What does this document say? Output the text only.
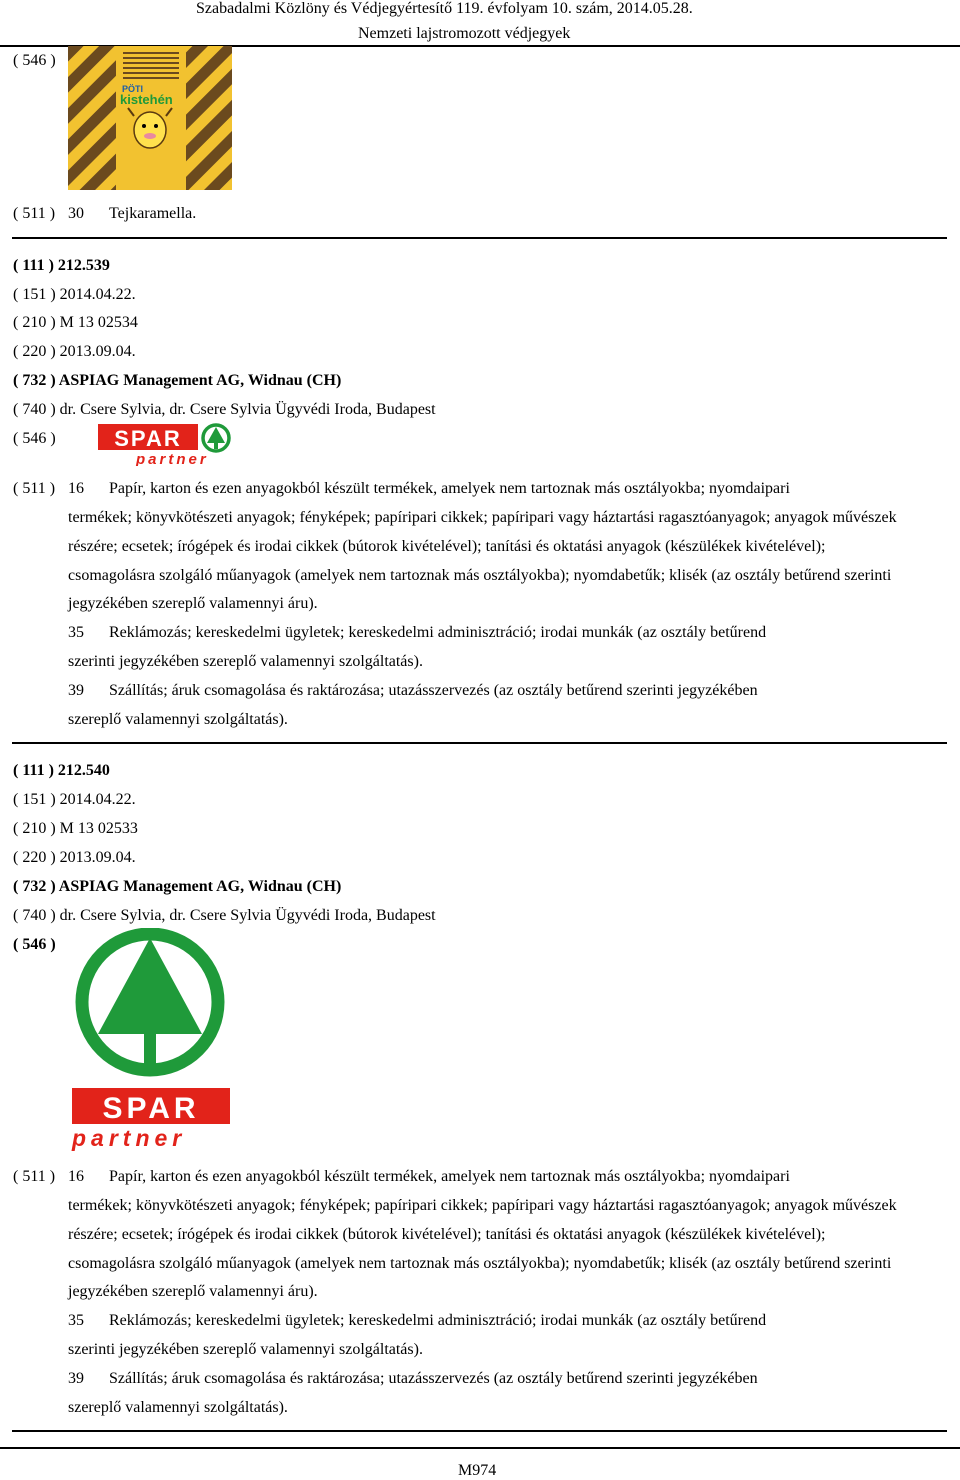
Szabadalmi Közlöny és Védjegyértesítő 119. évfolyam 10. szám, 2014.05.28.
Nemzeti lajstromozott védjegyek
( 546 )
PÖTI
kistehén
( 511 ) 30 Tejkaramella.
( 111 ) 212.539
( 151 ) 2014.04.22.
( 210 ) M 13 02534
( 220 ) 2013.09.04.
( 732 ) ASPIAG Management AG, Widnau (CH)
( 740 ) dr. Csere Sylvia, dr. Csere Sylvia Ügyvédi Iroda, Budapest
( 546 )	SPAR
partner
( 511 ) 16 Papír, karton és ezen anyagokból készült termékek, amelyek nem tartoznak más osztályokba; nyomdaipari
termékek; könyvkötészeti anyagok; fényképek; papíripari cikkek; papíripari vagy háztartási ragasztóanyagok; anyagok művészek részére; ecsetek; írógépek és irodai cikkek (bútorok kivételével); tanítási és oktatási anyagok (készülékek kivételével); csomagolásra szolgáló műanyagok (amelyek nem tartoznak más osztályokba); nyomdabetűk; klisék (az osztály betűrend szerinti jegyzékében szereplő valamennyi áru).
35 Reklámozás; kereskedelmi ügyletek; kereskedelmi adminisztráció; irodai munkák (az osztály betűrend
szerinti jegyzékében szereplő valamennyi szolgáltatás).
39 Szállítás; áruk csomagolása és raktározása; utazásszervezés (az osztály betűrend szerinti jegyzékében
szereplő valamennyi szolgáltatás).
( 111 ) 212.540
( 151 ) 2014.04.22.
( 210 ) M 13 02533
( 220 ) 2013.09.04.
( 732 ) ASPIAG Management AG, Widnau (CH)
( 740 ) dr. Csere Sylvia, dr. Csere Sylvia Ügyvédi Iroda, Budapest
( 546 )
SPAR
partner
( 511 ) 16 Papír, karton és ezen anyagokból készült termékek, amelyek nem tartoznak más osztályokba; nyomdaipari
termékek; könyvkötészeti anyagok; fényképek; papíripari cikkek; papíripari vagy háztartási ragasztóanyagok; anyagok művészek részére; ecsetek; írógépek és irodai cikkek (bútorok kivételével); tanítási és oktatási anyagok (készülékek kivételével); csomagolásra szolgáló műanyagok (amelyek nem tartoznak más osztályokba); nyomdabetűk; klisék (az osztály betűrend szerinti jegyzékében szereplő valamennyi áru).
35 Reklámozás; kereskedelmi ügyletek; kereskedelmi adminisztráció; irodai munkák (az osztály betűrend
szerinti jegyzékében szereplő valamennyi szolgáltatás).
39 Szállítás; áruk csomagolása és raktározása; utazásszervezés (az osztály betűrend szerinti jegyzékében
szereplő valamennyi szolgáltatás).
M974
